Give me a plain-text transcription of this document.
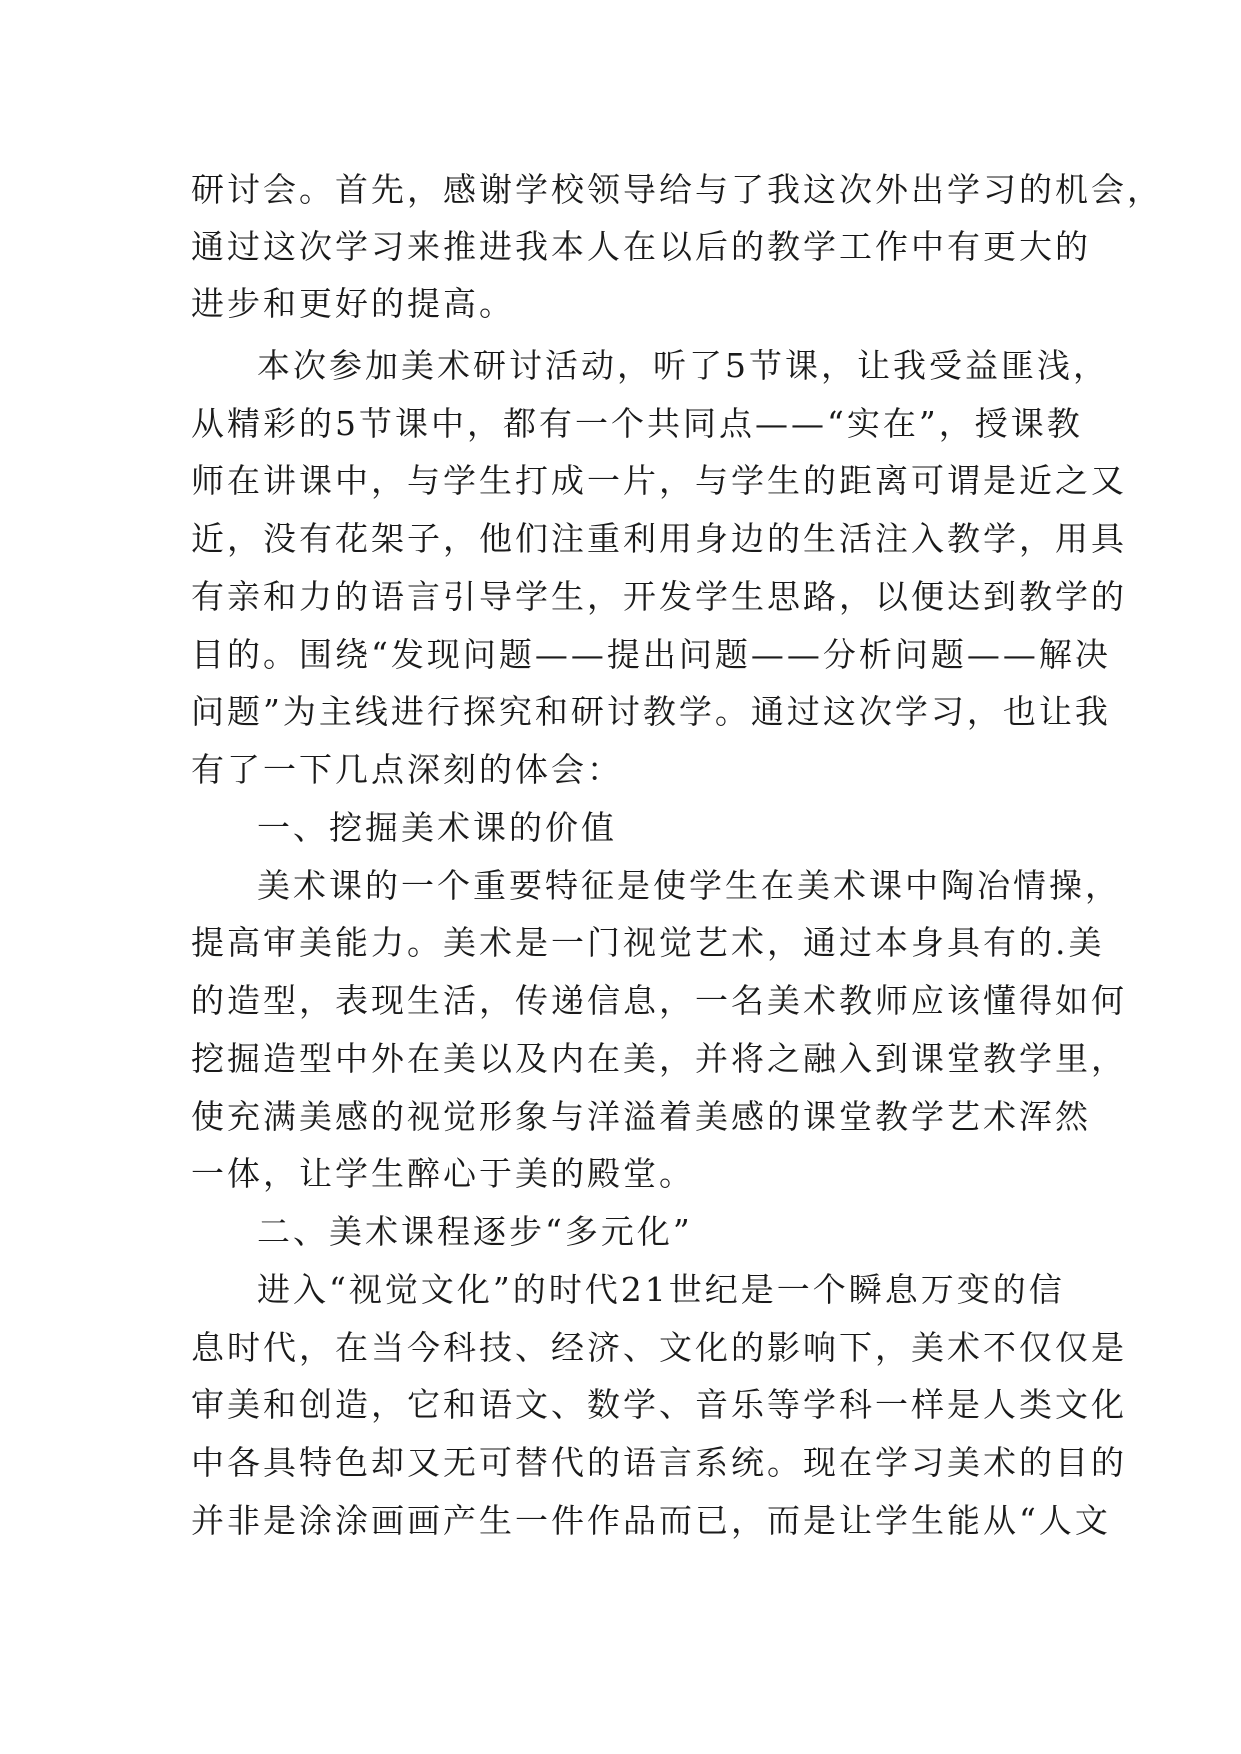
研讨会。首先，感谢学校领导给与了我这次外出学习的机会，
通过这次学习来推进我本人在以后的教学工作中有更大的
进步和更好的提高。
本次参加美术研讨活动，听了5节课，让我受益匪浅，
从精彩的5节课中，都有一个共同点——“实在”，授课教
师在讲课中，与学生打成一片，与学生的距离可谓是近之又
近，没有花架子，他们注重利用身边的生活注入教学，用具
有亲和力的语言引导学生，开发学生思路，以便达到教学的
目的。围绕“发现问题——提出问题——分析问题——解决
问题”为主线进行探究和研讨教学。通过这次学习，也让我
有了一下几点深刻的体会：
一、挖掘美术课的价值
美术课的一个重要特征是使学生在美术课中陶冶情操，
提高审美能力。美术是一门视觉艺术，通过本身具有的.美
的造型，表现生活，传递信息，一名美术教师应该懂得如何
挖掘造型中外在美以及内在美，并将之融入到课堂教学里，
使充满美感的视觉形象与洋溢着美感的课堂教学艺术浑然
一体，让学生醉心于美的殿堂。
二、美术课程逐步“多元化”
进入“视觉文化”的时代21世纪是一个瞬息万变的信
息时代，在当今科技、经济、文化的影响下，美术不仅仅是
审美和创造，它和语文、数学、音乐等学科一样是人类文化
中各具特色却又无可替代的语言系统。现在学习美术的目的
并非是涂涂画画产生一件作品而已，而是让学生能从“人文
